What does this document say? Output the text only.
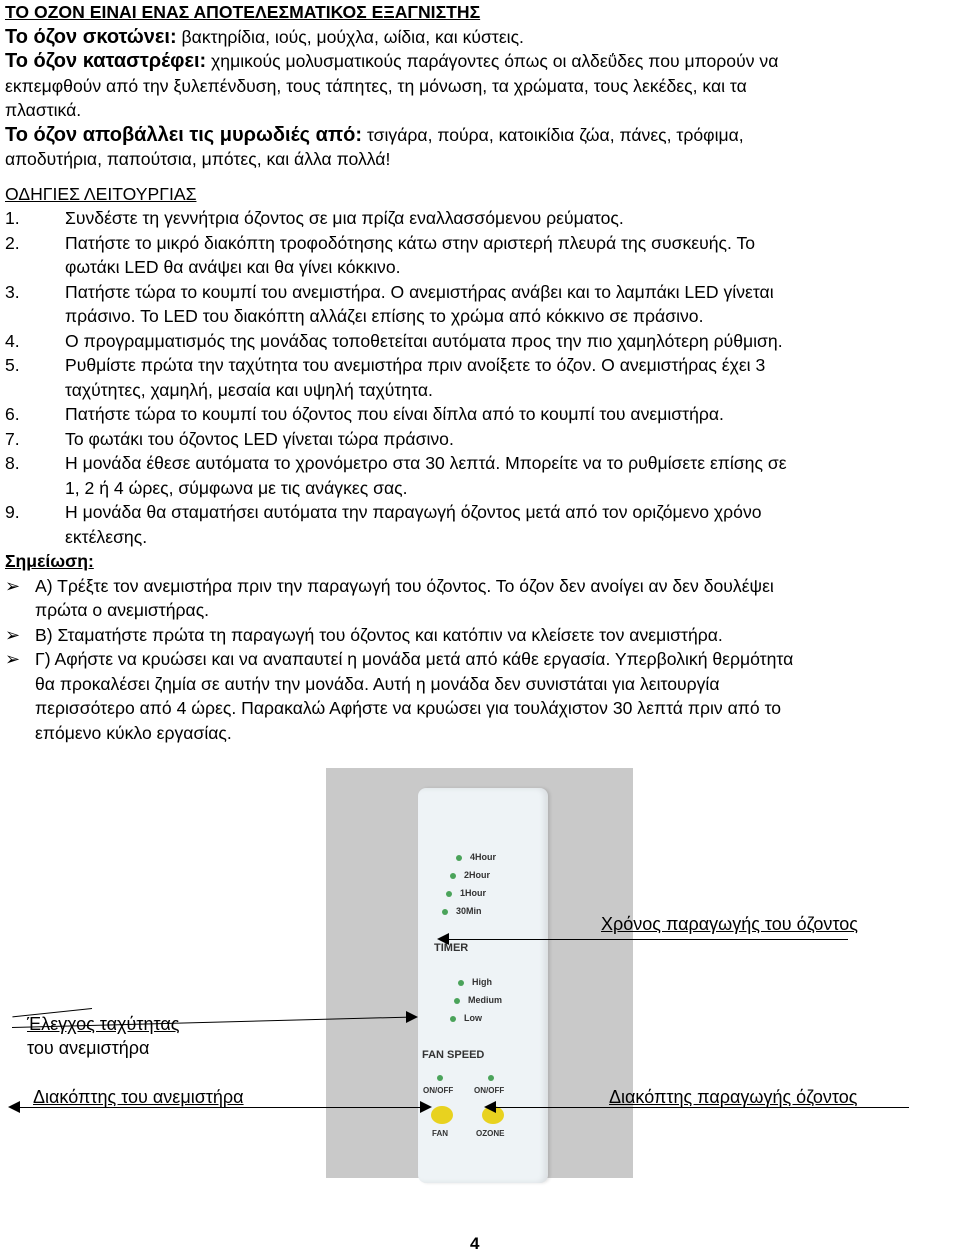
ΤΟ ΟΖΟΝ ΕΙΝΑΙ ΕΝΑΣ ΑΠΟΤΕΛΕΣΜΑΤΙΚΟΣ ΕΞΑΓΝΙΣΤΗΣ
Το όζον σκοτώνει: βακτηρίδια, ιούς, μούχλα, ωίδια, και κύστεις.
Το όζον καταστρέφει: χημικούς μολυσματικούς παράγοντες όπως οι αλδεΰδες που μπορούν να
εκπεμφθούν από την ξυλεπένδυση, τους τάπητες, τη μόνωση, τα χρώματα, τους λεκέδες, και τα
πλαστικά.
Το όζον αποβάλλει τις μυρωδιές από: τσιγάρα, πούρα, κατοικίδια ζώα, πάνες, τρόφιμα,
αποδυτήρια, παπούτσια, μπότες, και άλλα πολλά!
ΟΔΗΓΙΕΣ ΛΕΙΤΟΥΡΓΙΑΣ
1.	Συνδέστε τη γεννήτρια όζοντος σε μια πρίζα εναλλασσόμενου ρεύματος.
2.	Πατήστε το μικρό διακόπτη τροφοδότησης κάτω στην αριστερή πλευρά της συσκευής. Το
φωτάκι LED θα ανάψει και θα γίνει κόκκινο.
3.	Πατήστε τώρα το κουμπί του ανεμιστήρα. Ο ανεμιστήρας ανάβει και το λαμπάκι LED γίνεται
πράσινο. Το LED του διακόπτη αλλάζει επίσης το χρώμα από κόκκινο σε πράσινο.
4.	Ο προγραμματισμός της μονάδας τοποθετείται αυτόματα προς την πιο χαμηλότερη ρύθμιση.
5.	Ρυθμίστε πρώτα την ταχύτητα του ανεμιστήρα πριν ανοίξετε το όζον. Ο ανεμιστήρας έχει 3
ταχύτητες, χαμηλή, μεσαία και υψηλή ταχύτητα.
6.	Πατήστε τώρα το κουμπί του όζοντος που είναι δίπλα από το κουμπί του ανεμιστήρα.
7.	Το φωτάκι του όζοντος LED γίνεται τώρα πράσινο.
8.	Η μονάδα έθεσε αυτόματα το χρονόμετρο στα 30 λεπτά. Μπορείτε να το ρυθμίσετε επίσης σε
1, 2 ή 4 ώρες, σύμφωνα με τις ανάγκες σας.
9.	Η μονάδα θα σταματήσει αυτόματα την παραγωγή όζοντος μετά από τον οριζόμενο χρόνο
εκτέλεσης.
Σημείωση:
➢ Α) Τρέξτε τον ανεμιστήρα πριν την παραγωγή του όζοντος. Το όζον δεν ανοίγει αν δεν δουλέψει
πρώτα ο ανεμιστήρας.
➢ Β) Σταματήστε πρώτα τη παραγωγή του όζοντος και κατόπιν να κλείσετε τον ανεμιστήρα.
➢ Γ) Αφήστε να κρυώσει και να αναπαυτεί η μονάδα μετά από κάθε εργασία. Υπερβολική θερμότητα
θα προκαλέσει ζημία σε αυτήν την μονάδα. Αυτή η μονάδα δεν συνιστάται για λειτουργία
περισσότερο από 4 ώρες. Παρακαλώ Αφήστε να κρυώσει για τουλάχιστον 30 λεπτά πριν από το
επόμενο κύκλο εργασίας.
4Hour
2Hour
1Hour
30Min
TIMER
High
Medium
Low
FAN SPEED
ON/OFF	ON/OFF
FAN	OZONE
Χρόνος παραγωγής του όζοντος
Έλεγχος ταχύτητας
του ανεμιστήρα
Διακόπτης του ανεμιστήρα	Διακόπτης παραγωγής όζοντος
4
